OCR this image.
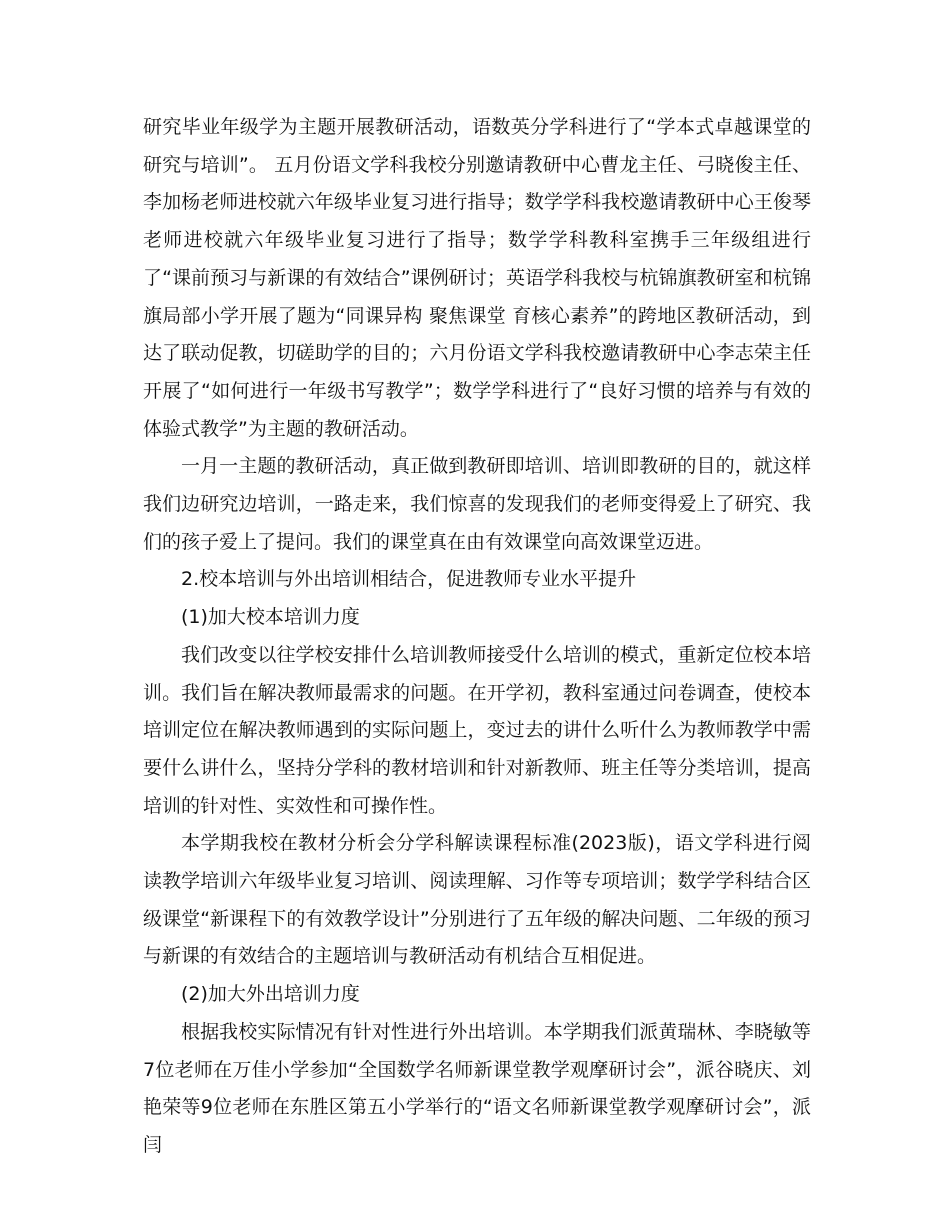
研究毕业年级学为主题开展教研活动，语数英分学科进行了“学本式卓越课堂的研究与培训”。 五月份语文学科我校分别邀请教研中心曹龙主任、弓晓俊主任、李加杨老师进校就六年级毕业复习进行指导；数学学科我校邀请教研中心王俊琴老师进校就六年级毕业复习进行了指导；数学学科教科室携手三年级组进行了“课前预习与新课的有效结合”课例研讨；英语学科我校与杭锦旗教研室和杭锦旗局部小学开展了题为“同课异构 聚焦课堂 育核心素养”的跨地区教研活动，到达了联动促教，切磋助学的目的；六月份语文学科我校邀请教研中心李志荣主任开展了“如何进行一年级书写教学”；数学学科进行了“良好习惯的培养与有效的体验式教学”为主题的教研活动。

一月一主题的教研活动，真正做到教研即培训、培训即教研的目的，就这样我们边研究边培训，一路走来，我们惊喜的发现我们的老师变得爱上了研究、我们的孩子爱上了提问。我们的课堂真在由有效课堂向高效课堂迈进。

2.校本培训与外出培训相结合，促进教师专业水平提升

(1)加大校本培训力度

我们改变以往学校安排什么培训教师接受什么培训的模式，重新定位校本培训。我们旨在解决教师最需求的问题。在开学初，教科室通过问卷调查，使校本培训定位在解决教师遇到的实际问题上，变过去的讲什么听什么为教师教学中需要什么讲什么，坚持分学科的教材培训和针对新教师、班主任等分类培训，提高培训的针对性、实效性和可操作性。

本学期我校在教材分析会分学科解读课程标准(2023版)，语文学科进行阅读教学培训六年级毕业复习培训、阅读理解、习作等专项培训；数学学科结合区级课堂“新课程下的有效教学设计”分别进行了五年级的解决问题、二年级的预习与新课的有效结合的主题培训与教研活动有机结合互相促进。

(2)加大外出培训力度

根据我校实际情况有针对性进行外出培训。本学期我们派黄瑞林、李晓敏等7位老师在万佳小学参加“全国数学名师新课堂教学观摩研讨会”，派谷晓庆、刘艳荣等9位老师在东胜区第五小学举行的“语文名师新课堂教学观摩研讨会”，派闫
